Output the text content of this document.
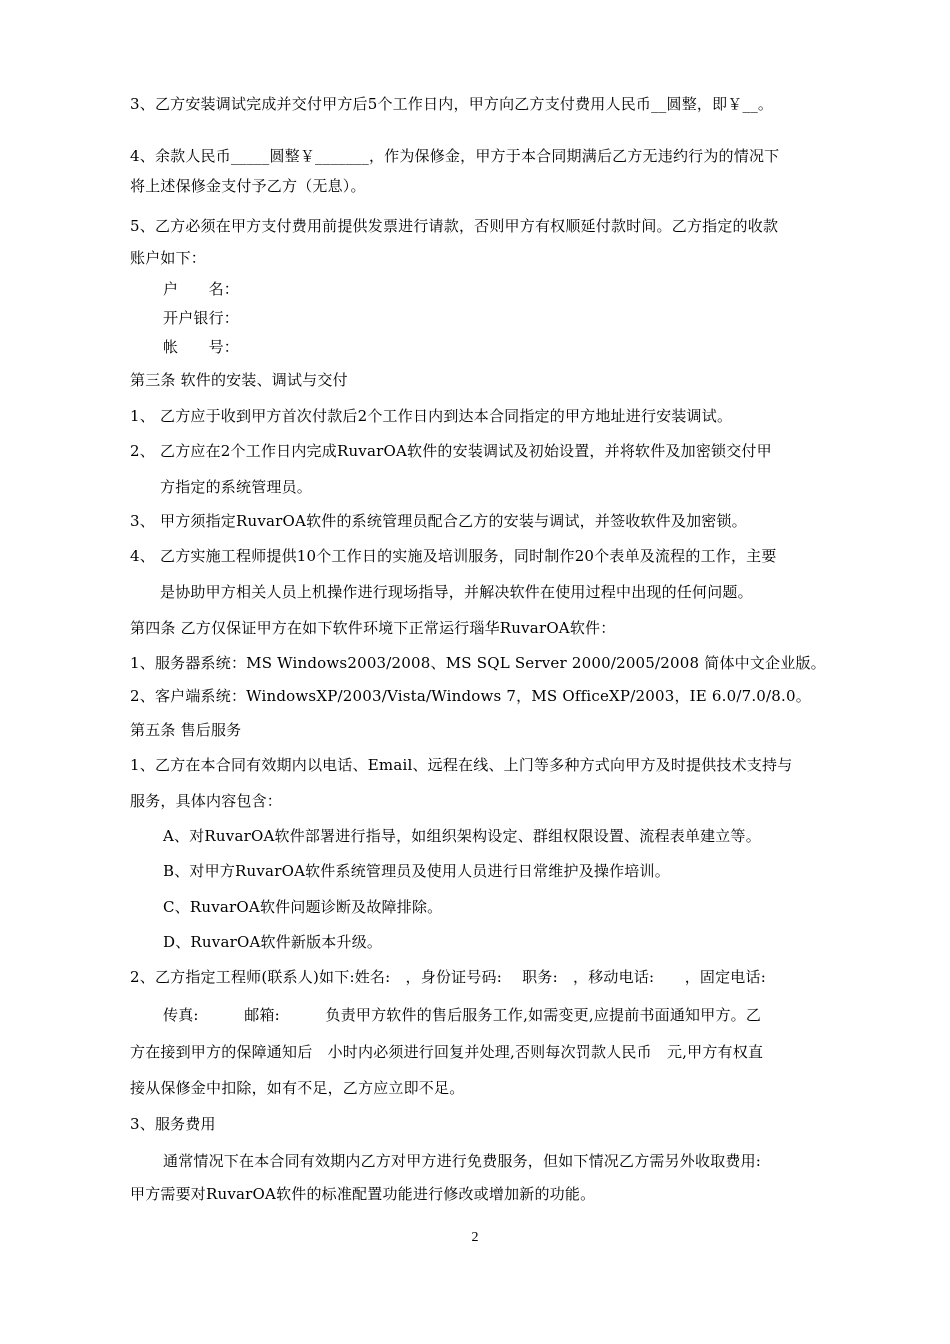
3、乙方安装调试完成并交付甲方后5个工作日内，甲方向乙方支付费用人民币__圆整，即￥__。
4、余款人民币_____圆整￥_______，作为保修金，甲方于本合同期满后乙方无违约行为的情况下
将上述保修金支付予乙方（无息）。
5、乙方必须在甲方支付费用前提供发票进行请款，否则甲方有权顺延付款时间。乙方指定的收款
账户如下：
户　　名：
开户银行：
帐　　号：
第三条 软件的安装、调试与交付
1、 乙方应于收到甲方首次付款后2个工作日内到达本合同指定的甲方地址进行安装调试。
2、 乙方应在2个工作日内完成RuvarOA软件的安装调试及初始设置，并将软件及加密锁交付甲
方指定的系统管理员。
3、 甲方须指定RuvarOA软件的系统管理员配合乙方的安装与调试，并签收软件及加密锁。
4、 乙方实施工程师提供10个工作日的实施及培训服务，同时制作20个表单及流程的工作，主要
是协助甲方相关人员上机操作进行现场指导，并解决软件在使用过程中出现的任何问题。
第四条 乙方仅保证甲方在如下软件环境下正常运行瑙华RuvarOA软件：
1、服务器系统：MS Windows2003/2008、MS SQL Server 2000/2005/2008 简体中文企业版。
2、客户端系统：WindowsXP/2003/Vista/Windows 7，MS OfficeXP/2003，IE 6.0/7.0/8.0。
第五条 售后服务
1、乙方在本合同有效期内以电话、Email、远程在线、上门等多种方式向甲方及时提供技术支持与
服务，具体内容包含：
A、对RuvarOA软件部署进行指导，如组织架构设定、群组权限设置、流程表单建立等。
B、对甲方RuvarOA软件系统管理员及使用人员进行日常维护及操作培训。
C、RuvarOA软件问题诊断及故障排除。
D、RuvarOA软件新版本升级。
2、乙方指定工程师(联系人)如下:姓名:　，身份证号码:　 职务:　，移动电话:　　，固定电话:
传真:　　　邮箱:　　　负责甲方软件的售后服务工作,如需变更,应提前书面通知甲方。乙
方在接到甲方的保障通知后　小时内必须进行回复并处理,否则每次罚款人民币　元,甲方有权直
接从保修金中扣除，如有不足，乙方应立即不足。
3、服务费用
通常情况下在本合同有效期内乙方对甲方进行免费服务，但如下情况乙方需另外收取费用:
甲方需要对RuvarOA软件的标准配置功能进行修改或增加新的功能。
2
